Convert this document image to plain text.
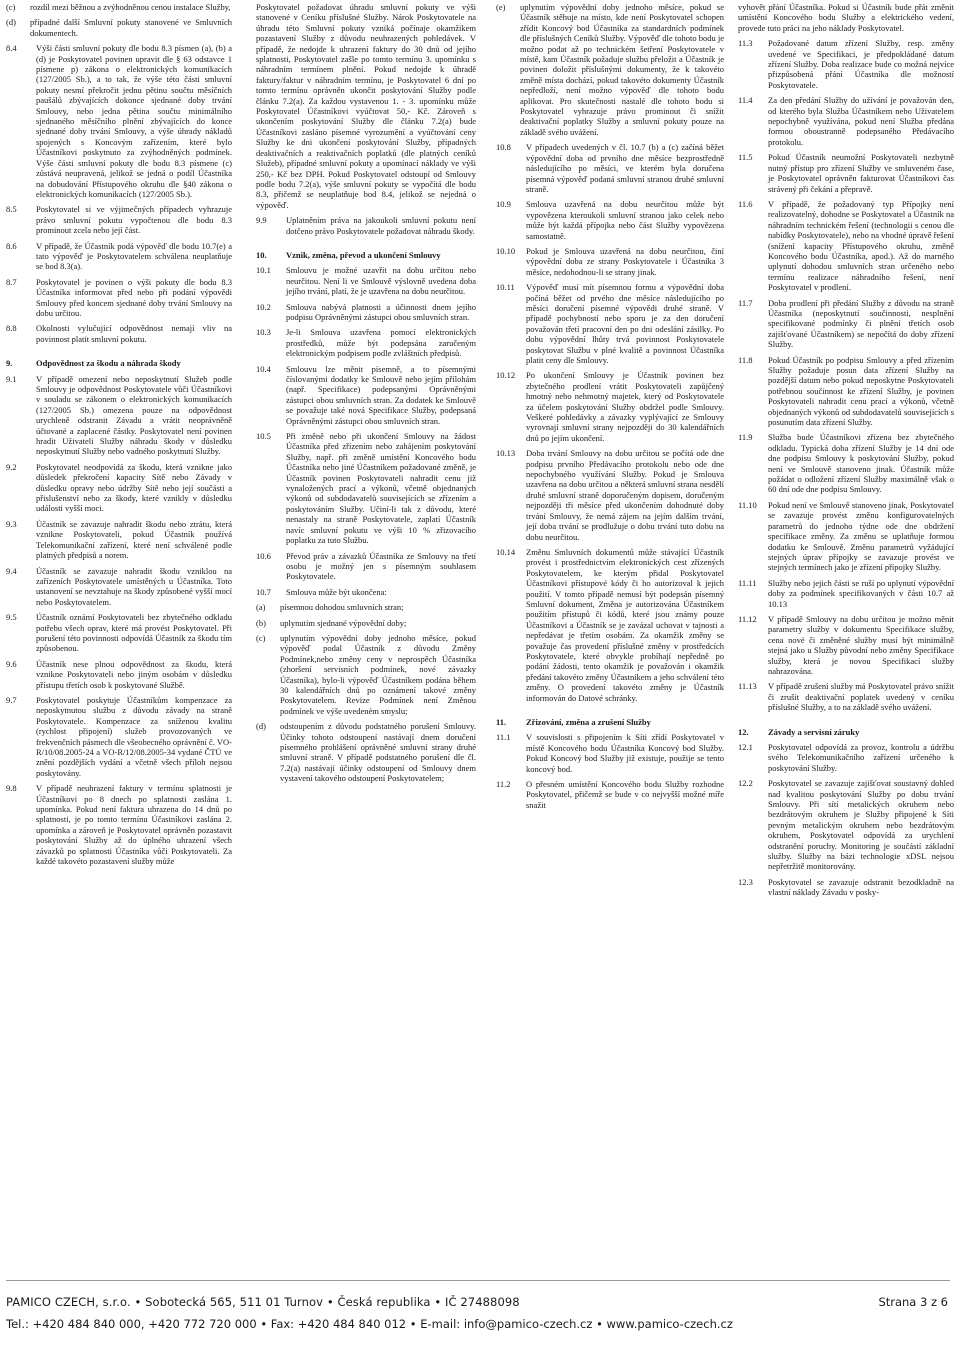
(c)	rozdíl mezi běžnou a zvýhodněnou cenou instalace Služby,
(d)	případné další Smluvní pokuty stanovené ve Smluvních dokumentech.
8.4	Výši části smluvní pokuty dle bodu 8.3 písmen (a), (b) a (d) je Poskytovatel povinen upravit dle § 63 odstavce 1 písmene p) zákona o elektronických komunikacích (127/2005 Sb.), a to tak, že výše této části smluvní pokuty nesmí překročit jednu pětinu součtu měsíčních paušálů zbývajících dokonce sjednané doby trvání Smlouvy, nebo jedna pětina součtu minimálního sjednaného měsíčního plnění zbývajících do konce sjednané doby trvání Smlouvy, a výše úhrady nákladů spojených s Koncovým zařízením, které bylo Účastníkovi poskytnuto za zvýhodněných podmínek. Výše části smluvní pokuty dle bodu 8.3 písmene (c) zůstává neupravená, jelikož se jedná o podíl Účastníka na dobudování Přístupového okruhu dle §40 zákona o elektronických komunikacích (127/2005 Sb.).
8.5	Poskytovatel si ve výjimečných případech vyhrazuje právo smluvní pokutu vypočtenou dle bodu 8.3 prominout zcela nebo její část.
8.6	V případě, že Účastník podá výpověď dle bodu 10.7(e) a tato výpověď je Poskytovatelem schválena neuplatňuje se bod 8.3(a).
8.7	Poskytovatel je povinen o výši pokuty dle bodu 8.3 Účastníka informovat před nebo při podání výpovědi Smlouvy před koncem sjednané doby trvání Smlouvy na dobu určitou.
8.8	Okolnosti vylučující odpovědnost nemají vliv na povinnost platit smluvní pokutu.
9.	Odpovědnost za škodu a náhrada škody
9.1	V případě omezení nebo neposkytnutí Služeb podle Smlouvy je odpovědnost Poskytovatele vůči Účastníkovi v souladu se zákonem o elektronických komunikacích (127/2005 Sb.) omezena pouze na odpovědnost urychleně odstranit Závadu a vrátit neoprávněně účtované a zaplacené částky. Poskytovatel není povinen hradit Uživateli Služby náhradu škody v důsledku neposkytnutí Služby nebo vadného poskytnutí Služby.
9.2	Poskytovatel neodpovídá za škodu, která vznikne jako důsledek překročení kapacity Sítě nebo Závady v důsledku opravy nebo údržby Sítě nebo její součásti a přislušenství nebo za škody, které vznikly v důsledku události vyšší moci.
9.3	Účastník se zavazuje nahradit škodu nebo ztrátu, která vznikne Poskytovateli, pokud Účastník používá Telekomunikační zařízení, které není schválené podle platných předpisů a norem.
9.4	Účastník se zavazuje nahradit škodu vzniklou na zařízeních Poskytovatele umístěných u Účastníka. Toto ustanovení se nevztahuje na škody způsobené vyšší mocí nebo Poskytovatelem.
9.5	Účastník oznámí Poskytovateli bez zbytečného odkladu potřebu všech oprav, které má provést Poskytovatel. Při porušení této povinnosti odpovídá Účastník za škodu tím způsobenou.
9.6	Účastník nese plnou odpovědnost za škodu, která vznikne Poskytovateli nebo jiným osobám v důsledku přístupu třetích osob k poskytované Službě.
9.7	Poskytovatel poskytuje Účastníkům kompenzace za neposkytnutou službu z důvodu závady na straně Poskytovatele. Kompenzace za sníženou kvalitu (rychlost připojení) služeb provozovaných ve frekvenčních pásmech dle všeobecného oprávnění č. VO-R/10/08.2005-24 a VO-R/12/08.2005-34 vydané ČTÚ ve znění pozdějších vydání a včetně všech příloh nejsou poskytovány.
9.8	V případě neuhrazení faktury v termínu splatnosti je Účastníkovi po 8 dnech po splatnosti zaslána 1. upomínka. Pokud není faktura uhrazena do 14 dnů po splatnosti, je po tomto termínu Účastníkovi zaslána 2. upomínka a zároveň je Poskytovatel oprávněn pozastavit poskytování Služby až do úplného uhrazení všech závazků po splatnosti Účastníka vůči Poskytovateli. Za každé takovéto pozastavení služby může
Poskytovatel požadovat úhradu smluvní pokuty ve výši stanovené v Ceníku příslušné Služby. Nárok Poskytovatele na úhradu této Smluvní pokuty vzniká počínaje okamžikem pozastavení Služby z důvodu neuhrazených pohledávek. V případě, že nedojde k uhrazení faktury do 30 dnů od jejího splatnosti, Poskytovatel zašle po tomto termínu 3. upomínku s náhradním termínem plnění. Pokud nedojde k úhradě faktury/faktur v náhradním termínu, je Poskytovatel 6 dní po tomto termínu oprávněn ukončit poskytování Služby podle článku 7.2(a). Za každou vystavenou 1. - 3. upomínku může Poskytovatel Účastníkovi vyúčtovat 50,- Kč. Zároveň s ukončením poskytování Služby dle článku 7.2(a) bude Účastníkovi zasláno písemné vyrozumění a vyúčtování ceny Služby ke dni ukončení poskytování Služby, případných deaktivačních a reaktivačních poplatků (dle platných ceníků Služeb), případné smluvní pokuty a upomínací náklady ve výši 250,- Kč bez DPH. Pokud Poskytovatel odstoupí od Smlouvy podle bodu 7.2(a), výše smluvní pokuty se vypočítá dle bodu 8.3, přičemž se neuplatňuje bod 8.4, jelikož se nejedná o výpověď.
9.9	Uplatněním práva na jakoukoli smluvní pokutu není dotčeno právo Poskytovatele požadovat náhradu škody.
10.	Vznik, změna, převod a ukončení Smlouvy
10.1	Smlouvu je možné uzavřít na dobu určitou nebo neurčitou. Není li ve Smlouvě výslovně uvedena doba jejího trvání, platí, že je uzavřena na dobu neurčitou.
10.2	Smlouva nabývá platnosti a účinnosti dnem jejího podpisu Oprávněnými zástupci obou smluvních stran.
10.3	Je-li Smlouva uzavřena pomocí elektronických prostředků, může být podepsána zaručeným elektronickým podpisem podle zvláštních předpisů.
10.4	Smlouvu lze měnit písemně, a to písemnými číslovanými dodatky ke Smlouvě nebo jejím přílohám (např. Specifikace) podepsanými Oprávněnými zástupci obou smluvních stran. Za dodatek ke Smlouvě se považuje také nová Specifikace Služby, podepsaná Oprávněnými zástupci obou smluvních stran.
10.5	Při změně nebo při ukončení Smlouvy na žádost Účastníka před zřízením nebo zahájením poskytování Služby, např. při změně umístění Koncového bodu Účastníka nebo jiné Účastníkem požadované změně, je Účastník povinen Poskytovateli nahradit cenu již vynaložených prací a výkonů, včetně objednaných výkonů od subdodavatelů souvisejících se zřízením a poskytováním Služby. Učiní-li tak z důvodu, které nenastaly na straně Poskytovatele, zaplatí Účastník navíc smluvní pokutu ve výši 10 % zřizovacího poplatku za tuto Službu.
10.6	Převod práv a závazků Účastníka ze Smlouvy na třetí osobu je možný jen s písemným souhlasem Poskytovatele.
10.7	Smlouva může být ukončena:
(a)	písemnou dohodou smluvních stran;
(b)	uplynutím sjednané výpovědní doby;
(c)	uplynutím výpovědní doby jednoho měsíce, pokud výpověď podal Účastník z důvodu Změny Podmínek,nebo změny ceny v neprospěch Účastníka (zhoršení servisních podmínek, nové závazky Účastníka), bylo-li výpověď Účastníkem podána během 30 kalendářních dnů po oznámení takové změny Poskytovatelem. Revize Podmínek není Změnou podmínek ve výše uvedeném smyslu;
(d)	odstoupením z důvodu podstatného porušení Smlouvy. Účinky tohoto odstoupení nastávají dnem doručení písemného prohlášení oprávněné smluvní strany druhé smluvní straně. V případě podstatného porušení dle čl. 7.2(a) nastávají účinky odstoupení od Smlouvy dnem vystavení takového odstoupení Poskytovatelem;
(e)	uplynutím výpovědní doby jednoho měsíce, pokud se Účastník stěhuje na místo, kde není Poskytovatel schopen zřídit Koncový bod Účastníka za standardních podmínek dle příslušných Ceníků Služby. Výpověď dle tohoto bodu je možno podat až po technickém šetření Poskytovatele v místě, kam Účastník požaduje službu přeložit a Účastník je povinen doložit příslušnými dokumenty, že k takovéto změně místa dochází, pokud takovéto dokumenty Účastník nepředloží, není možno výpověď dle tohoto bodu aplikovat. Pro skutečnosti nastalé dle tohoto bodu si Poskytovatel vyhrazuje právo prominout či snížit deaktivační poplatky Služby a smluvní pokuty pouze na základě svého uvážení.
10.8	V případech uvedených v čl. 10.7 (b) a (c) začíná běžet výpovědní doba od prvního dne měsíce bezprostředně následujícího po měsíci, ve kterém byla doručena písemná výpověď podaná smluvní stranou druhé smluvní straně.
10.9	Smlouva uzavřená na dobu neurčitou může být vypovězena kteroukoli smluvní stranou jako celek nebo může být každá přípojka nebo část Služby vypovězena samostatně.
10.10	Pokud je Smlouva uzavřená na dobu neurčitou, činí výpovědní doba ze strany Poskytovatele i Účastníka 3 měsíce, nedohodnou-li se strany jinak.
10.11	Výpověď musí mít písemnou formu a výpovědní doba počíná běžet od prvého dne měsíce následujícího po měsíci doručení písemné výpovědi druhé straně. V případě pochybností nebo sporu je za den doručení považován třetí pracovní den po dni odeslání zásilky. Po dobu výpovědní lhůty trvá povinnost Poskytovatele poskytovat Službu v plné kvalitě a povinnost Účastníka platit ceny dle Smlouvy.
10.12	Po ukončení Smlouvy je Účastník povinen bez zbytečného prodlení vrátit Poskytovateli zapůjčený hmotný nebo nehmotný majetek, který od Poskytovatele za účelem poskytování Služby obdržel podle Smlouvy. Veškeré pohledávky a závazky vyplývající ze Smlouvy vyrovnají smluvní strany nejpozději do 30 kalendářních dnů po jejím ukončení.
10.13	Doba trvání Smlouvy na dobu určitou se počítá ode dne podpisu prvního Předávacího protokolu nebo ode dne nepochybného využívání Služby. Pokud je Smlouva uzavřena na dobu určitou a některá smluvní strana nesdělí druhé smluvní straně doporučeným dopisem, doručeným nejpozději tři měsíce před ukončením dohodnuté doby trvání Smlouvy, že nemá zájem na jejím dalším trvání, její doba trvání se prodlužuje o dobu trvání tuto dobu na dobu neurčitou.
10.14	Změnu Smluvních dokumentů může stávající Účastník provést i prostřednictvím elektronických cest zřízených Poskytovatelem, ke kterým přidal Poskytovatel Účastníkovi přístupové kódy či ho autorizoval k jejich použití. V tomto případě nemusí být podepsán písemný Smluvní dokument, Změna je autorizována Účastníkem použitím přístupů či kódů, které jsou známy pouze Účastníkovi a Účastník se je zavázal uchovat v tajnosti a nepředávat je třetím osobám. Za okamžik změny se považuje čas provedení příslušné změny v prostředcích Poskytovatele, které obvykle probíhají nepředně po podání žádosti, tento okamžik je považován i okamžik předání takovéto změny Účastníkem a jeho schválení této změny. O provedení takovéto změny je Účastník informován do Datové schránky.
11.	Zřizování, změna a zrušení Služby
11.1	V souvislosti s připojením k Síti zřídí Poskytovatel v místě Koncového bodu Účastníka Koncový bod Služby. Pokud Koncový bod Služby již existuje, použije se tento koncový bod.
11.2	O přesném umístění Koncového bodu Služby rozhodne Poskytovatel, přičemž se bude v co nejvyšší možné míře snažit
vyhovět přání Účastníka. Pokud si Účastník bude přát změnit umístění Koncového bodu Služby a elektrického vedení, provede tuto práci na jeho náklady Poskytovatel.
11.3	Požadované datum zřízení Služby, resp. změny uvedené ve Specifikaci, je předpokládané datum zřízení Služby. Doba realizace bude co možná nejvíce přizpůsobená přání Účastníka dle možností Poskytovatele.
11.4	Za den předání Služby do užívání je považován den, od kterého byla Služba Účastníkem nebo Uživatelem nepochybně využívána, pokud není Služba předána formou oboustranně podepsaného Předávacího protokolu.
11.5	Pokud Účastník neumožní Poskytovateli nezbytně nutný přístup pro zřízení Služby ve smluveném čase, je Poskytovatel oprávněn fakturovat Účastníkovi čas strávený při čekání a přepravě.
11.6	V případě, že požadovaný typ Přípojky není realizovatelný, dohodne se Poskytovatel a Účastník na náhradním technickém řešení (technologii s cenou dle nabídky Poskytovatele), nebo na vhodné úpravě řešení (snížení kapacity Přístupového okruhu, změně Koncového bodu Účastníka, apod.). Až do marného uplynutí dohodou smluvních stran určeného nebo termínu realizace náhradního řešení, není Poskytovatel v prodlení.
11.7	Doba prodlení při předání Služby z důvodu na straně Účastníka (neposkytnutí součinnosti, nesplnění specifikované podmínky či plnění třetích osob zajišťované Účastníkem) se nepočítá do doby zřízení Služby.
11.8	Pokud Účastník po podpisu Smlouvy a před zřízením Služby požaduje posun data zřízení Služby na pozdější datum nebo pokud neposkytne Poskytovateli potřebnou součinnost ke zřízení Služby, je povinen Poskytovateli nahradit cenu prací a výkonů, včetně objednaných výkonů od subdodavatelů souvisejících s posunutím data zřízení Služby.
11.9	Služba bude Účastníkovi zřízena bez zbytečného odkladu. Typická doba zřízení Služby je 14 dní ode dne podpisu Smlouvy k poskytování Služby, pokud není ve Smlouvě stanoveno jinak. Účastník může požádat o odložení zřízení Služby maximálně však o 60 dní ode dne podpisu Smlouvy.
11.10	Pokud není ve Smlouvě stanoveno jinak, Poskytovatel se zavazuje provést změnu konfigurovatelných parametrů do jednoho týdne ode dne obdržení specifikace změny. Za změnu se uplatňuje formou dodatku ke Smlouvě. Změnu parametrů vyžádující stejných úprav přípojky se zavazuje provést ve stejných termínech jako je zřízení přípojky Služby.
11.11	Služby nebo jejich části se ruší po uplynutí výpovědní doby za podmínek specifikovaných v části 10.7 až 10.13
11.12	V případě Smlouvy na dobu určitou je možno měnit parametry služby v dokumentu Specifikace služby, cena nové či změněné služby musí být minimálně stejná jako u Služby původní nebo změny Specifikace služby, která je novou Specifikací služby nahrazována.
11.13	V případě zrušení služby má Poskytovatel právo snížit či zrušit deaktivační poplatek uvedený v ceníku příslušné Služby, a to na základě svého uvážení.
12.	Závady a servisní záruky
12.1	Poskytovatel odpovídá za provoz, kontrolu a údržbu svého Telekomunikačního zařízení určeného k poskytování Služby.
12.2	Poskytovatel se zavazuje zajišťovat soustavný dohled nad kvalitou poskytování Služby po dobu trvání Smlouvy. Při sítí metalických okruhem nebo bezdrátovým okruhem je Služby připojené k Síti pevným metalickým okruhem nebo bezdrátovým okruhem, Poskytovatel odpovídá za urychlení odstranění poruchy. Monitoring je součástí základní služby. Služby na bázi technologie xDSL nejsou nepřetržitě monitorovány.
12.3	Poskytovatel se zavazuje odstranit bezodkladně na vlastní náklady Závadu v posky-
PAMICO CZECH, s.r.o. • Sobotecká 565, 511 01 Turnov • Česká republika • IČ 27488098	Strana 3 z 6
Tel.: +420 484 840 000, +420 772 720 000 • Fax: +420 484 840 012 • E-mail: info@pamico-czech.cz • www.pamico-czech.cz
